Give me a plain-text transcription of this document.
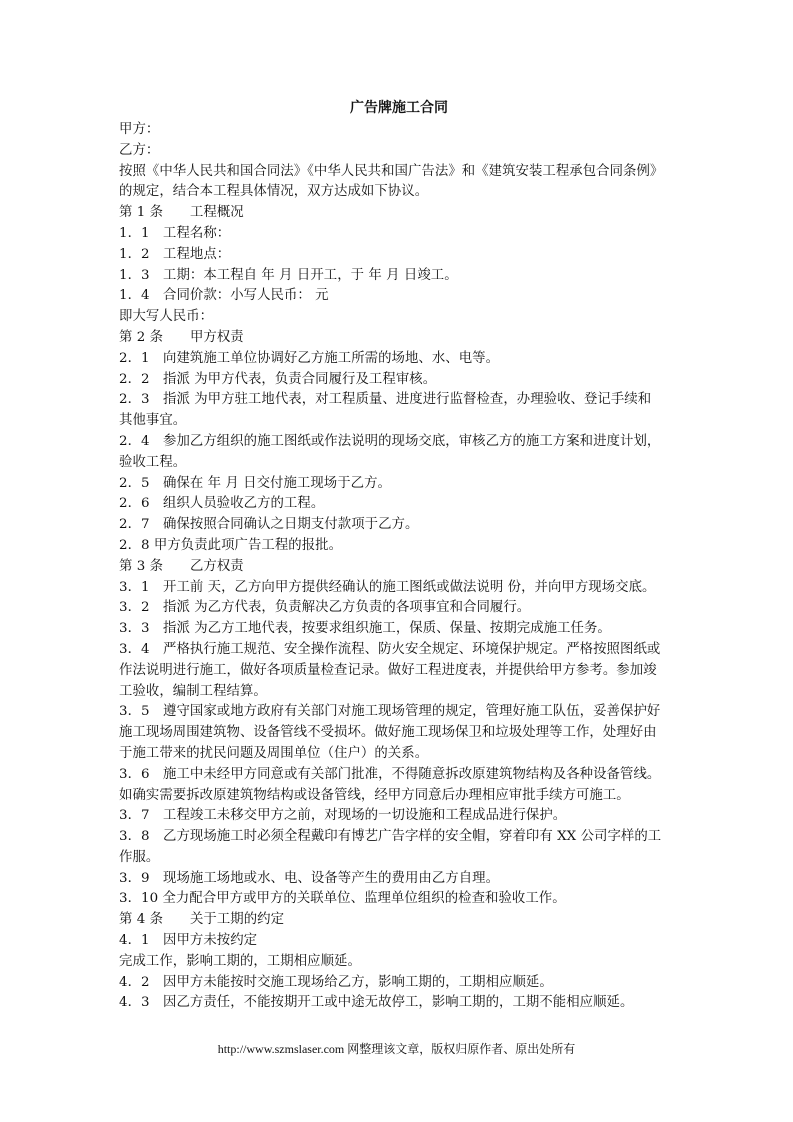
广告牌施工合同
甲方：
乙方：
按照《中华人民共和国合同法》《中华人民共和国广告法》和《建筑安装工程承包合同条例》
的规定，结合本工程具体情况，双方达成如下协议。
第 1 条　　工程概况
1．1　工程名称：
1．2　工程地点：
1．3　工期：本工程自 年 月 日开工，于 年 月 日竣工。
1．4　合同价款：小写人民币： 元
即大写人民币：
第 2 条　　甲方权责
2．1　向建筑施工单位协调好乙方施工所需的场地、水、电等。
2．2　指派 为甲方代表，负责合同履行及工程审核。
2．3　指派 为甲方驻工地代表，对工程质量、进度进行监督检查，办理验收、登记手续和
其他事宜。
2．4　参加乙方组织的施工图纸或作法说明的现场交底，审核乙方的施工方案和进度计划，
验收工程。
2．5　确保在 年 月 日交付施工现场于乙方。
2．6　组织人员验收乙方的工程。
2．7　确保按照合同确认之日期支付款项于乙方。
2．8 甲方负责此项广告工程的报批。
第 3 条　　乙方权责
3．1　开工前 天，乙方向甲方提供经确认的施工图纸或做法说明 份，并向甲方现场交底。
3．2　指派 为乙方代表，负责解决乙方负责的各项事宜和合同履行。
3．3　指派 为乙方工地代表，按要求组织施工，保质、保量、按期完成施工任务。
3．4　严格执行施工规范、安全操作流程、防火安全规定、环境保护规定。严格按照图纸或
作法说明进行施工，做好各项质量检查记录。做好工程进度表，并提供给甲方参考。参加竣
工验收，编制工程结算。
3．5　遵守国家或地方政府有关部门对施工现场管理的规定，管理好施工队伍，妥善保护好
施工现场周围建筑物、设备管线不受损坏。做好施工现场保卫和垃圾处理等工作，处理好由
于施工带来的扰民问题及周围单位（住户）的关系。
3．6　施工中未经甲方同意或有关部门批准，不得随意拆改原建筑物结构及各种设备管线。
如确实需要拆改原建筑物结构或设备管线，经甲方同意后办理相应审批手续方可施工。
3．7　工程竣工未移交甲方之前，对现场的一切设施和工程成品进行保护。
3．8　乙方现场施工时必须全程戴印有博艺广告字样的安全帽，穿着印有 XX 公司字样的工
作服。
3．9　现场施工场地或水、电、设备等产生的费用由乙方自理。
3．10 全力配合甲方或甲方的关联单位、监理单位组织的检查和验收工作。
第 4 条　　关于工期的约定
4．1　因甲方未按约定
完成工作，影响工期的，工期相应顺延。
4．2　因甲方未能按时交施工现场给乙方，影响工期的，工期相应顺延。
4．3　因乙方责任，不能按期开工或中途无故停工，影响工期的，工期不能相应顺延。
http://www.szmslaser.com 网整理该文章，版权归原作者、原出处所有
